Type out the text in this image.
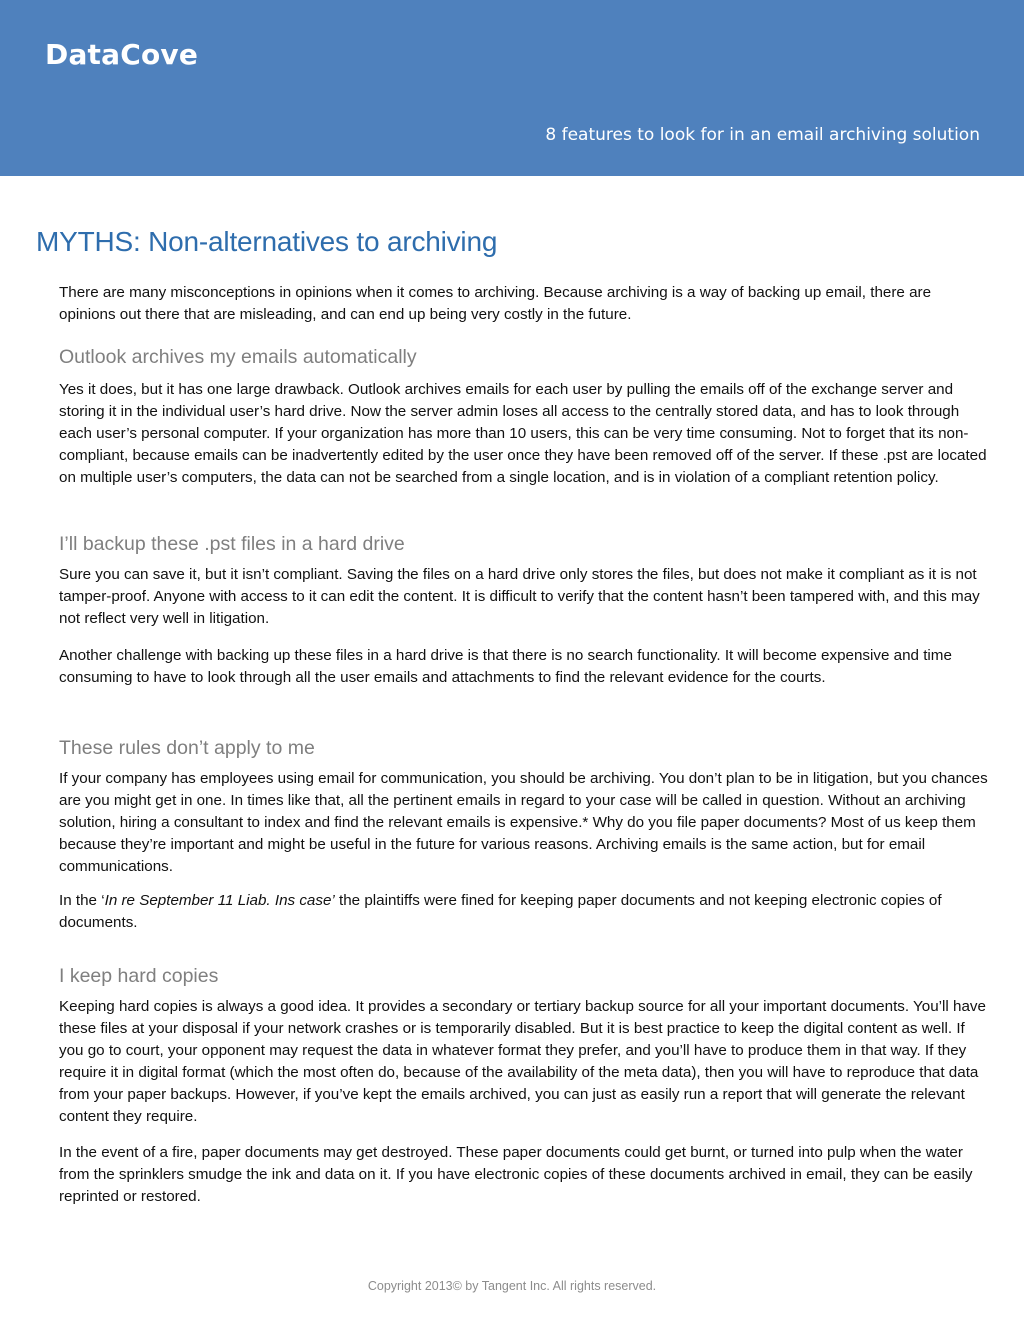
DataCove
8 features to look for in an email archiving solution
MYTHS: Non-alternatives to archiving

There are many misconceptions in opinions when it comes to archiving. Because archiving is a way of backing up email, there are opinions out there that are misleading, and can end up being very costly in the future.

Outlook archives my emails automatically

Yes it does, but it has one large drawback. Outlook archives emails for each user by pulling the emails off of the exchange server and storing it in the individual user’s hard drive. Now the server admin loses all access to the centrally stored data, and has to look through each user’s personal computer. If your organization has more than 10 users, this can be very time consuming. Not to forget that its non-compliant, because emails can be inadvertently edited by the user once they have been removed off of the server. If these .pst are located on multiple user’s computers, the data can not be searched from a single location, and is in violation of a compliant retention policy.

I’ll backup these .pst files in a hard drive

Sure you can save it, but it isn’t compliant. Saving the files on a hard drive only stores the files, but does not make it compliant as it is not tamper-proof. Anyone with access to it can edit the content. It is difficult to verify that the content hasn’t been tampered with, and this may not reflect very well in litigation.

Another challenge with backing up these files in a hard drive is that there is no search functionality. It will become expensive and time consuming to have to look through all the user emails and attachments to find the relevant evidence for the courts.

These rules don’t apply to me

If your company has employees using email for communication, you should be archiving. You don’t plan to be in litigation, but you chances are you might get in one. In times like that, all the pertinent emails in regard to your case will be called in question. Without an archiving solution, hiring a consultant to index and find the relevant emails is expensive.* Why do you file paper documents? Most of us keep them because they’re important and might be useful in the future for various reasons. Archiving emails is the same action, but for email communications.

In the ‘In re September 11 Liab. Ins case’ the plaintiffs were fined for keeping paper documents and not keeping electronic copies of documents.

I keep hard copies

Keeping hard copies is always a good idea. It provides a secondary or tertiary backup source for all your important documents. You’ll have these files at your disposal if your network crashes or is temporarily disabled. But it is best practice to keep the digital content as well. If you go to court, your opponent may request the data in whatever format they prefer, and you’ll have to produce them in that way. If they require it in digital format (which the most often do, because of the availability of the meta data), then you will have to reproduce that data from your paper backups. However, if you’ve kept the emails archived, you can just as easily run a report that will generate the relevant content they require.

In the event of a fire, paper documents may get destroyed. These paper documents could get burnt, or turned into pulp when the water from the sprinklers smudge the ink and data on it. If you have electronic copies of these documents archived in email, they can be easily reprinted or restored.

Copyright 2013© by Tangent Inc. All rights reserved.
